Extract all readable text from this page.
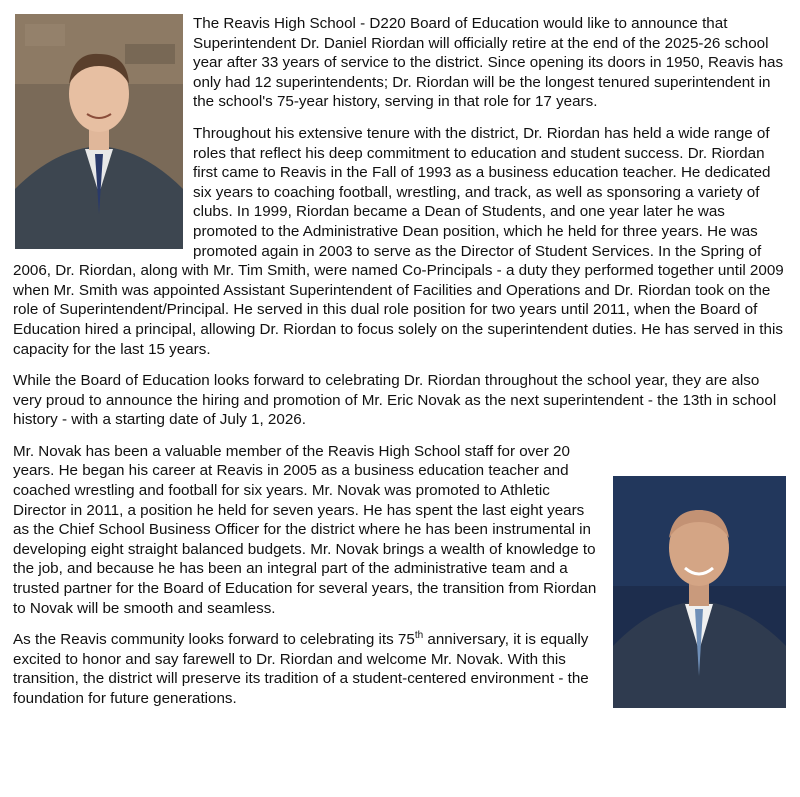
The Reavis High School - D220 Board of Education would like to announce that Superintendent Dr. Daniel Riordan will officially retire at the end of the 2025-26 school year after 33 years of service to the district. Since opening its doors in 1950, Reavis has only had 12 superintendents; Dr. Riordan will be the longest tenured superintendent in the school's 75-year history, serving in that role for 17 years.

Throughout his extensive tenure with the district, Dr. Riordan has held a wide range of roles that reflect his deep commitment to education and student success. Dr. Riordan first came to Reavis in the Fall of 1993 as a business education teacher. He dedicated six years to coaching football, wrestling, and track, as well as sponsoring a variety of clubs. In 1999, Riordan became a Dean of Students, and one year later he was promoted to the Administrative Dean position, which he held for three years. He was promoted again in 2003 to serve as the Director of Student Services. In the Spring of 2006, Dr. Riordan, along with Mr. Tim Smith, were named Co-Principals - a duty they performed together until 2009 when Mr. Smith was appointed Assistant Superintendent of Facilities and Operations and Dr. Riordan took on the role of Superintendent/Principal. He served in this dual role position for two years until 2011, when the Board of Education hired a principal, allowing Dr. Riordan to focus solely on the superintendent duties. He has served in this capacity for the last 15 years.

While the Board of Education looks forward to celebrating Dr. Riordan throughout the school year, they are also very proud to announce the hiring and promotion of Mr. Eric Novak as the next superintendent - the 13th in school history - with a starting date of July 1, 2026.

Mr. Novak has been a valuable member of the Reavis High School staff for over 20 years. He began his career at Reavis in 2005 as a business education teacher and coached wrestling and football for six years. Mr. Novak was promoted to Athletic Director in 2011, a position he held for seven years. He has spent the last eight years as the Chief School Business Officer for the district where he has been instrumental in developing eight straight balanced budgets. Mr. Novak brings a wealth of knowledge to the job, and because he has been an integral part of the administrative team and a trusted partner for the Board of Education for several years, the transition from Riordan to Novak will be smooth and seamless.

As the Reavis community looks forward to celebrating its 75th anniversary, it is equally excited to honor and say farewell to Dr. Riordan and welcome Mr. Novak. With this transition, the district will preserve its tradition of a student-centered environment - the foundation for future generations.
